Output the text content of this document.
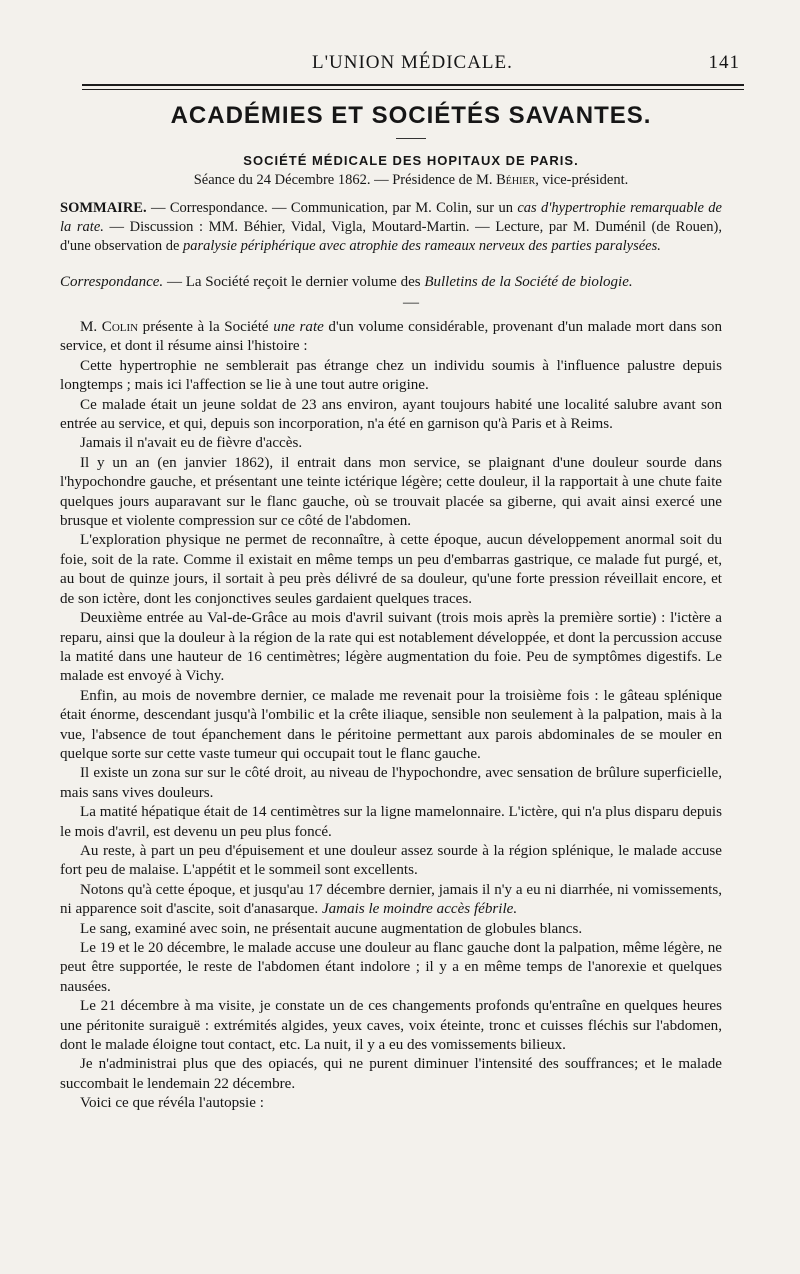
L'UNION MÉDICALE.	141
ACADÉMIES ET SOCIÉTÉS SAVANTES.
SOCIÉTÉ MÉDICALE DES HOPITAUX DE PARIS.
Séance du 24 Décembre 1862. — Présidence de M. Béhier, vice-président.
SOMMAIRE. — Correspondance. — Communication, par M. Colin, sur un cas d'hypertrophie remarquable de la rate. — Discussion : MM. Béhier, Vidal, Vigla, Moutard-Martin. — Lecture, par M. Duménil (de Rouen), d'une observation de paralysie périphérique avec atrophie des rameaux nerveux des parties paralysées.
Correspondance. — La Société reçoit le dernier volume des Bulletins de la Société de biologie.
—

M. Colin présente à la Société une rate d'un volume considérable, provenant d'un malade mort dans son service, et dont il résume ainsi l'histoire :

Cette hypertrophie ne semblerait pas étrange chez un individu soumis à l'influence palustre depuis longtemps ; mais ici l'affection se lie à une tout autre origine.

Ce malade était un jeune soldat de 23 ans environ, ayant toujours habité une localité salubre avant son entrée au service, et qui, depuis son incorporation, n'a été en garnison qu'à Paris et à Reims.

Jamais il n'avait eu de fièvre d'accès.

Il y un an (en janvier 1862), il entrait dans mon service, se plaignant d'une douleur sourde dans l'hypochondre gauche, et présentant une teinte ictérique légère; cette douleur, il la rapportait à une chute faite quelques jours auparavant sur le flanc gauche, où se trouvait placée sa giberne, qui avait ainsi exercé une brusque et violente compression sur ce côté de l'abdomen.

L'exploration physique ne permet de reconnaître, à cette époque, aucun développement anormal soit du foie, soit de la rate. Comme il existait en même temps un peu d'embarras gastrique, ce malade fut purgé, et, au bout de quinze jours, il sortait à peu près délivré de sa douleur, qu'une forte pression réveillait encore, et de son ictère, dont les conjonctives seules gardaient quelques traces.

Deuxième entrée au Val-de-Grâce au mois d'avril suivant (trois mois après la première sortie) : l'ictère a reparu, ainsi que la douleur à la région de la rate qui est notablement développée, et dont la percussion accuse la matité dans une hauteur de 16 centimètres; légère augmentation du foie. Peu de symptômes digestifs. Le malade est envoyé à Vichy.

Enfin, au mois de novembre dernier, ce malade me revenait pour la troisième fois : le gâteau splénique était énorme, descendant jusqu'à l'ombilic et la crête iliaque, sensible non seulement à la palpation, mais à la vue, l'absence de tout épanchement dans le péritoine permettant aux parois abdominales de se mouler en quelque sorte sur cette vaste tumeur qui occupait tout le flanc gauche.

Il existe un zona sur sur le côté droit, au niveau de l'hypochondre, avec sensation de brûlure superficielle, mais sans vives douleurs.

La matité hépatique était de 14 centimètres sur la ligne mamelonnaire. L'ictère, qui n'a plus disparu depuis le mois d'avril, est devenu un peu plus foncé.

Au reste, à part un peu d'épuisement et une douleur assez sourde à la région splénique, le malade accuse fort peu de malaise. L'appétit et le sommeil sont excellents.

Notons qu'à cette époque, et jusqu'au 17 décembre dernier, jamais il n'y a eu ni diarrhée, ni vomissements, ni apparence soit d'ascite, soit d'anasarque. Jamais le moindre accès fébrile.

Le sang, examiné avec soin, ne présentait aucune augmentation de globules blancs.

Le 19 et le 20 décembre, le malade accuse une douleur au flanc gauche dont la palpation, même légère, ne peut être supportée, le reste de l'abdomen étant indolore ; il y a en même temps de l'anorexie et quelques nausées.

Le 21 décembre à ma visite, je constate un de ces changements profonds qu'entraîne en quelques heures une péritonite suraiguë : extrémités algides, yeux caves, voix éteinte, tronc et cuisses fléchis sur l'abdomen, dont le malade éloigne tout contact, etc. La nuit, il y a eu des vomissements bilieux.

Je n'administrai plus que des opiacés, qui ne purent diminuer l'intensité des souffrances; et le malade succombait le lendemain 22 décembre.

Voici ce que révéla l'autopsie :
